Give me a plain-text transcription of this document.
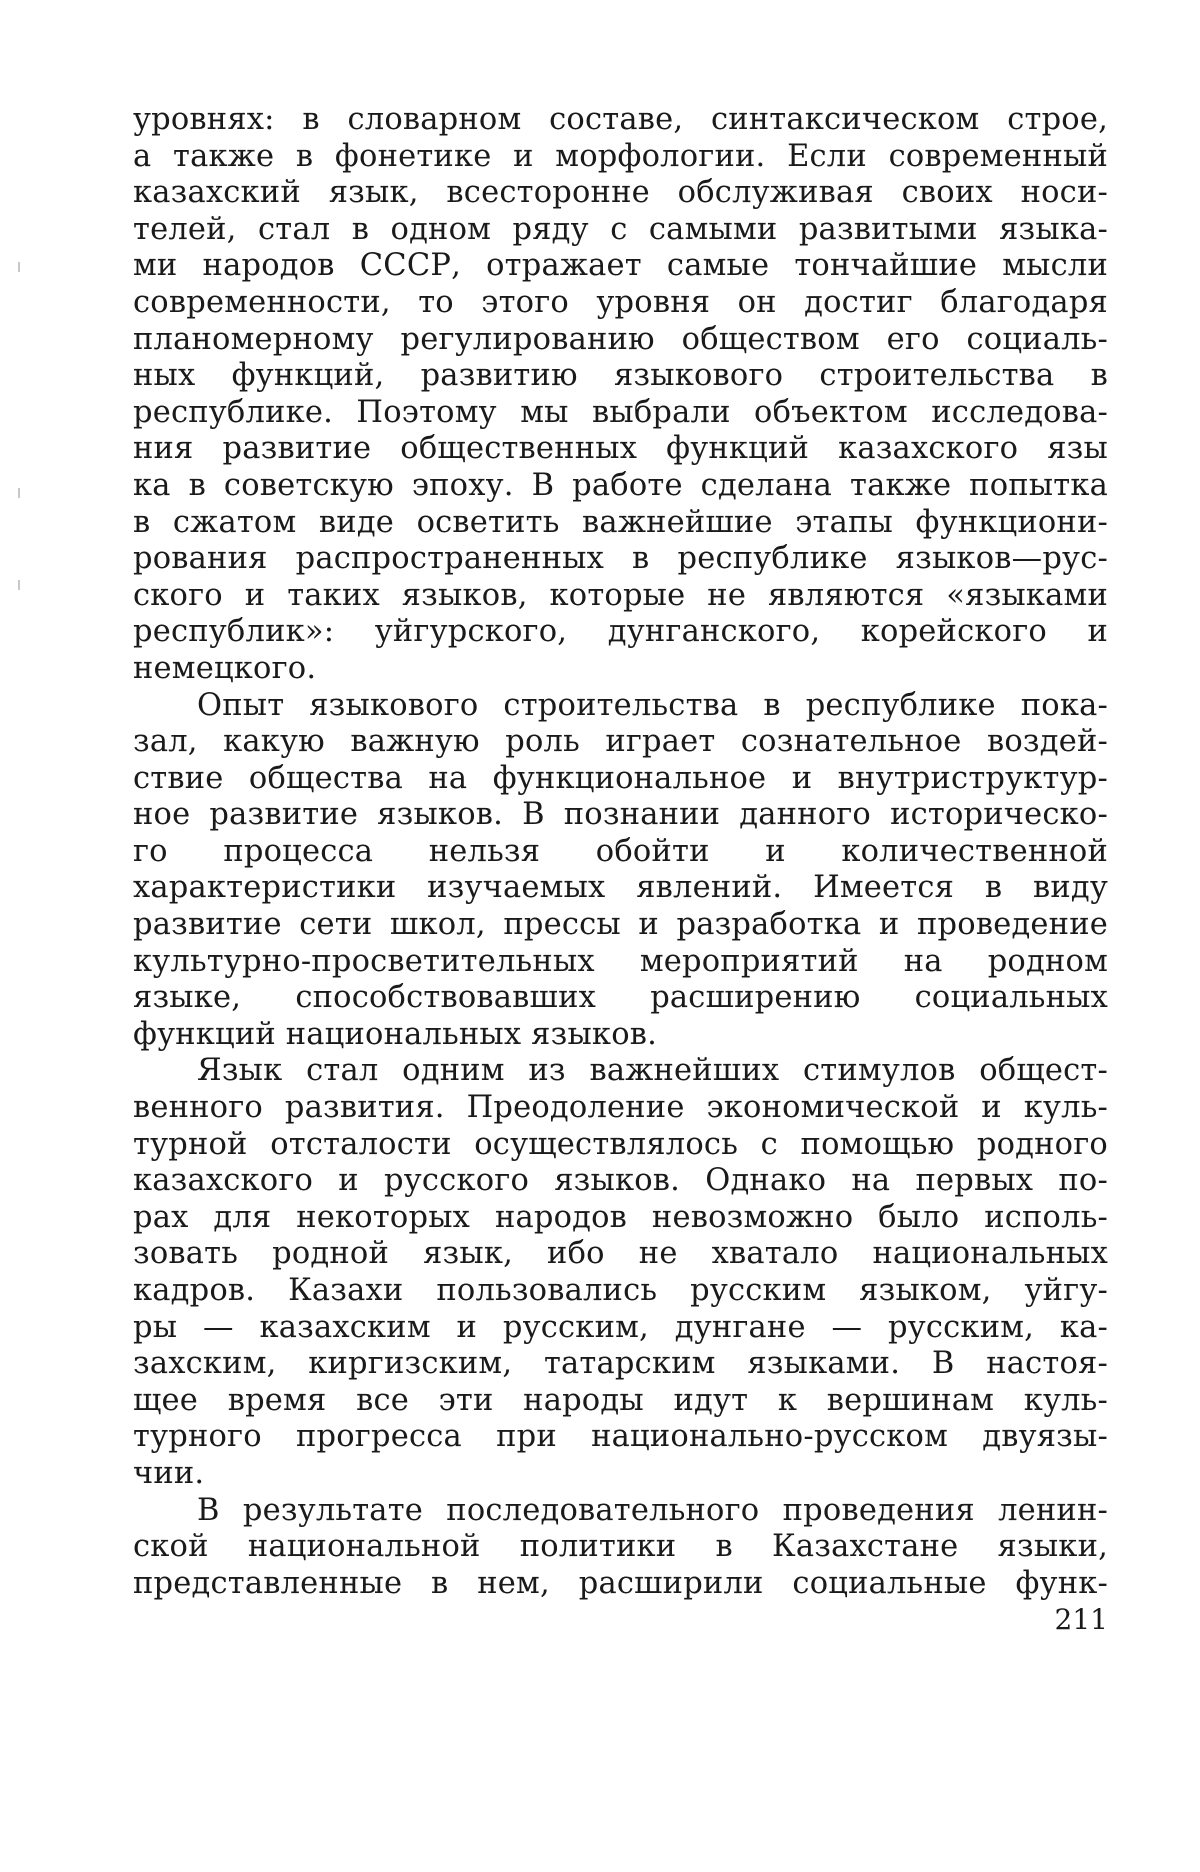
уровнях: в словарном составе, синтаксическом строе,
а также в фонетике и морфологии. Если современный
казахский язык, всесторонне обслуживая своих носи-
телей, стал в одном ряду с самыми развитыми языка-
ми народов СССР, отражает самые тончайшие мысли
современности, то этого уровня он достиг благодаря
планомерному регулированию обществом его социаль-
ных функций, развитию языкового строительства в
республике. Поэтому мы выбрали объектом исследова-
ния развитие общественных функций казахского язы
ка в советскую эпоху. В работе сделана также попытка
в сжатом виде осветить важнейшие этапы функциони-
рования распространенных в республике языков—рус-
ского и таких языков, которые не являются «языками
республик»: уйгурского, дунганского, корейского и
немецкого.
Опыт языкового строительства в республике пока-
зал, какую важную роль играет сознательное воздей-
ствие общества на функциональное и внутриструктур-
ное развитие языков. В познании данного историческо-
го процесса нельзя обойти и количественной
характеристики изучаемых явлений. Имеется в виду
развитие сети школ, прессы и разработка и проведение
культурно-просветительных мероприятий на родном
языке, способствовавших расширению социальных
функций национальных языков.
Язык стал одним из важнейших стимулов общест-
венного развития. Преодоление экономической и куль-
турной отсталости осуществлялось с помощью родного
казахского и русского языков. Однако на первых по-
рах для некоторых народов невозможно было исполь-
зовать родной язык, ибо не хватало национальных
кадров. Казахи пользовались русским языком, уйгу-
ры — казахским и русским, дунгане — русским, ка-
захским, киргизским, татарским языками. В настоя-
щее время все эти народы идут к вершинам куль-
турного прогресса при национально-русском двуязы-
чии.
В результате последовательного проведения ленин-
ской национальной политики в Казахстане языки,
представленные в нем, расширили социальные функ-
211
